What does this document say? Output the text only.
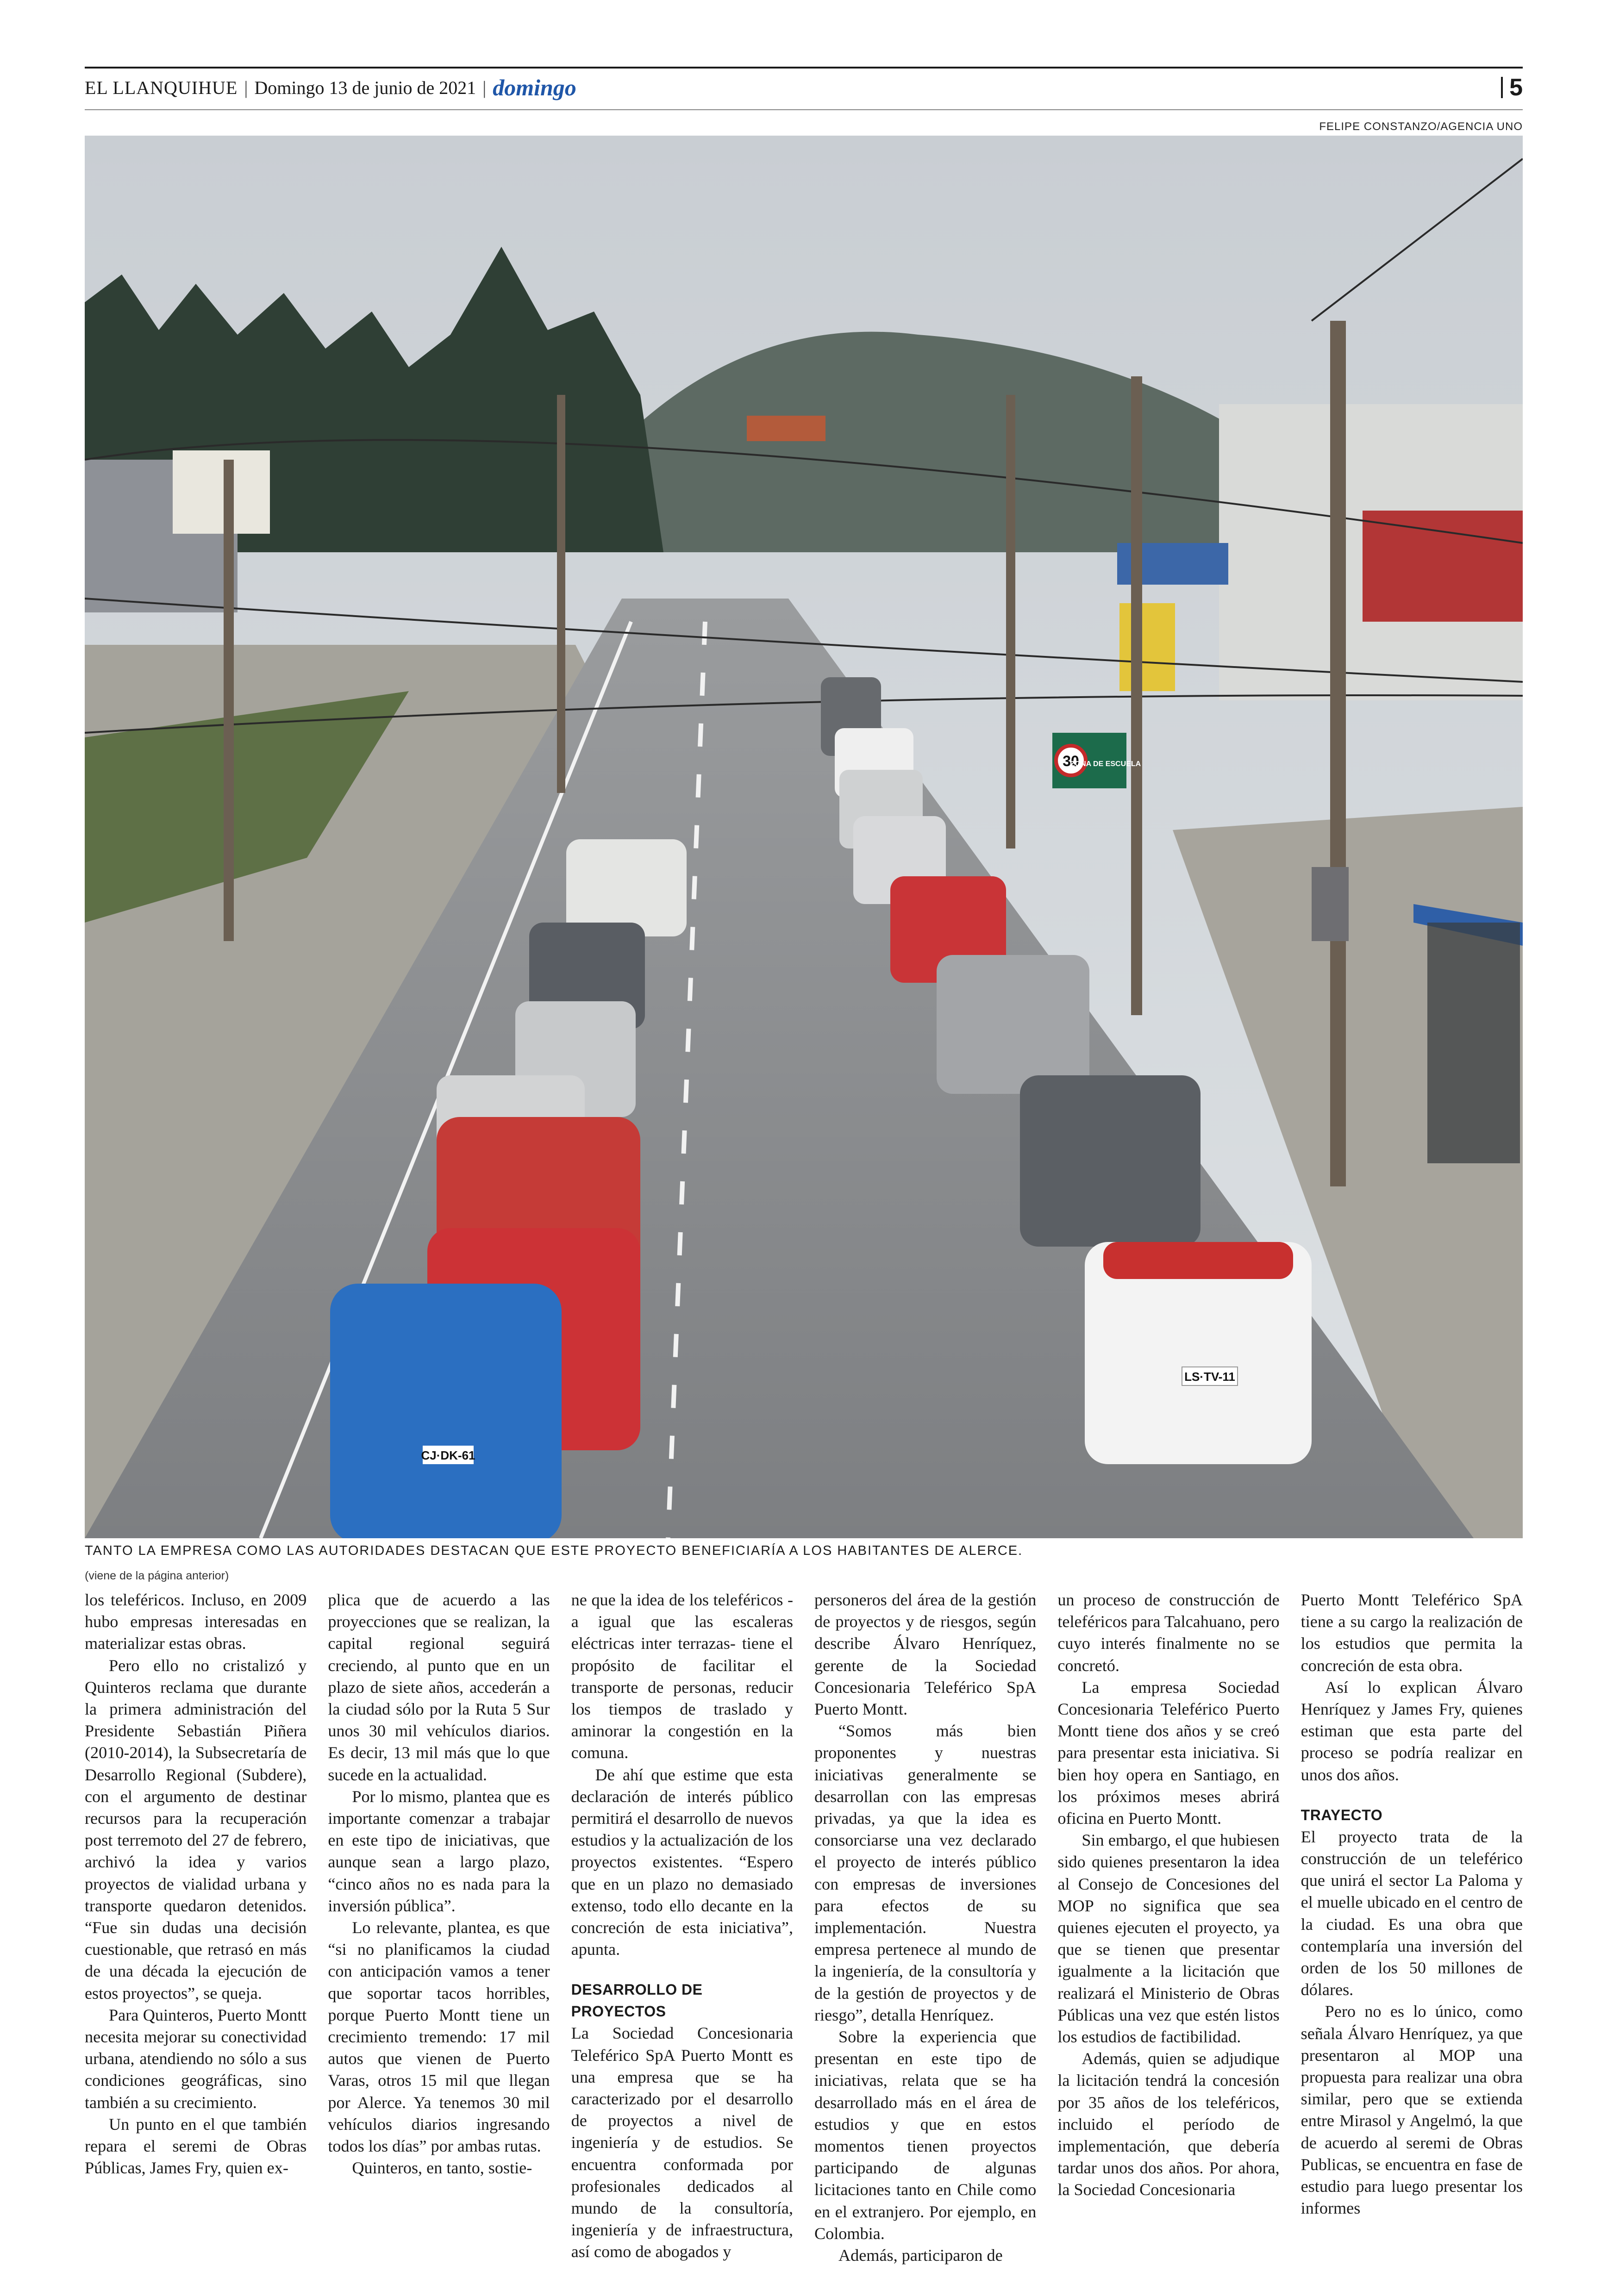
EL LLANQUIHUE | Domingo 13 de junio de 2021 | domingo	5
FELIPE CONSTANZO/AGENCIA UNO
30
ZONA DE ESCUELA
CJ·DK-61
LS·TV-11
TANTO LA EMPRESA COMO LAS AUTORIDADES DESTACAN QUE ESTE PROYECTO BENEFICIARÍA A LOS HABITANTES DE ALERCE.
(viene de la página anterior)

los teleféricos. Incluso, en 2009 hubo empresas interesadas en materializar estas obras.

Pero ello no cristalizó y Quinteros reclama que durante la primera administración del Presidente Sebastián Piñera (2010-2014), la Subsecretaría de Desarrollo Regional (Subdere), con el argumento de destinar recursos para la recuperación post terremoto del 27 de febrero, archivó la idea y varios proyectos de vialidad urbana y transporte quedaron detenidos. “Fue sin dudas una decisión cuestionable, que retrasó en más de una década la ejecución de estos proyectos”, se queja.

Para Quinteros, Puerto Montt necesita mejorar su conectividad urbana, atendiendo no sólo a sus condiciones geográficas, sino también a su crecimiento.

Un punto en el que también repara el seremi de Obras Públicas, James Fry, quien ex-

plica que de acuerdo a las proyecciones que se realizan, la capital regional seguirá creciendo, al punto que en un plazo de siete años, accederán a la ciudad sólo por la Ruta 5 Sur unos 30 mil vehículos diarios. Es decir, 13 mil más que lo que sucede en la actualidad.

Por lo mismo, plantea que es importante comenzar a trabajar en este tipo de iniciativas, que aunque sean a largo plazo, “cinco años no es nada para la inversión pública”.

Lo relevante, plantea, es que “si no planificamos la ciudad con anticipación vamos a tener que soportar tacos horribles, porque Puerto Montt tiene un crecimiento tremendo: 17 mil autos que vienen de Puerto Varas, otros 15 mil que llegan por Alerce. Ya tenemos 30 mil vehículos diarios ingresando todos los días” por ambas rutas.

Quinteros, en tanto, sostie-

ne que la idea de los teleféricos -a igual que las escaleras eléctricas inter terrazas- tiene el propósito de facilitar el transporte de personas, reducir los tiempos de traslado y aminorar la congestión en la comuna.

De ahí que estime que esta declaración de interés público permitirá el desarrollo de nuevos estudios y la actualización de los proyectos existentes. “Espero que en un plazo no demasiado extenso, todo ello decante en la concreción de esta iniciativa”, apunta.

DESARROLLO DE PROYECTOS

La Sociedad Concesionaria Teleférico SpA Puerto Montt es una empresa que se ha caracterizado por el desarrollo de proyectos a nivel de ingeniería y de estudios. Se encuentra conformada por profesionales dedicados al mundo de la consultoría, ingeniería y de infraestructura, así como de abogados y

personeros del área de la gestión de proyectos y de riesgos, según describe Álvaro Henríquez, gerente de la Sociedad Concesionaria Teleférico SpA Puerto Montt.

“Somos más bien proponentes y nuestras iniciativas generalmente se desarrollan con las empresas privadas, ya que la idea es consorciarse una vez declarado el proyecto de interés público con empresas de inversiones para efectos de su implementación. Nuestra empresa pertenece al mundo de la ingeniería, de la consultoría y de la gestión de proyectos y de riesgo”, detalla Henríquez.

Sobre la experiencia que presentan en este tipo de iniciativas, relata que se ha desarrollado más en el área de estudios y que en estos momentos tienen proyectos participando de algunas licitaciones tanto en Chile como en el extranjero. Por ejemplo, en Colombia.

Además, participaron de

un proceso de construcción de teleféricos para Talcahuano, pero cuyo interés finalmente no se concretó.

La empresa Sociedad Concesionaria Teleférico Puerto Montt tiene dos años y se creó para presentar esta iniciativa. Si bien hoy opera en Santiago, en los próximos meses abrirá oficina en Puerto Montt.

Sin embargo, el que hubiesen sido quienes presentaron la idea al Consejo de Concesiones del MOP no significa que sea quienes ejecuten el proyecto, ya que se tienen que presentar igualmente a la licitación que realizará el Ministerio de Obras Públicas una vez que estén listos los estudios de factibilidad.

Además, quien se adjudique la licitación tendrá la concesión por 35 años de los teleféricos, incluido el período de implementación, que debería tardar unos dos años. Por ahora, la Sociedad Concesionaria

Puerto Montt Teleférico SpA tiene a su cargo la realización de los estudios que permita la concreción de esta obra.

Así lo explican Álvaro Henríquez y James Fry, quienes estiman que esta parte del proceso se podría realizar en unos dos años.

TRAYECTO

El proyecto trata de la construcción de un teleférico que unirá el sector La Paloma y el muelle ubicado en el centro de la ciudad. Es una obra que contemplaría una inversión del orden de los 50 millones de dólares.

Pero no es lo único, como señala Álvaro Henríquez, ya que presentaron al MOP una propuesta para realizar una obra similar, pero que se extienda entre Mirasol y Angelmó, la que de acuerdo al seremi de Obras Publicas, se encuentra en fase de estudio para luego presentar los informes
